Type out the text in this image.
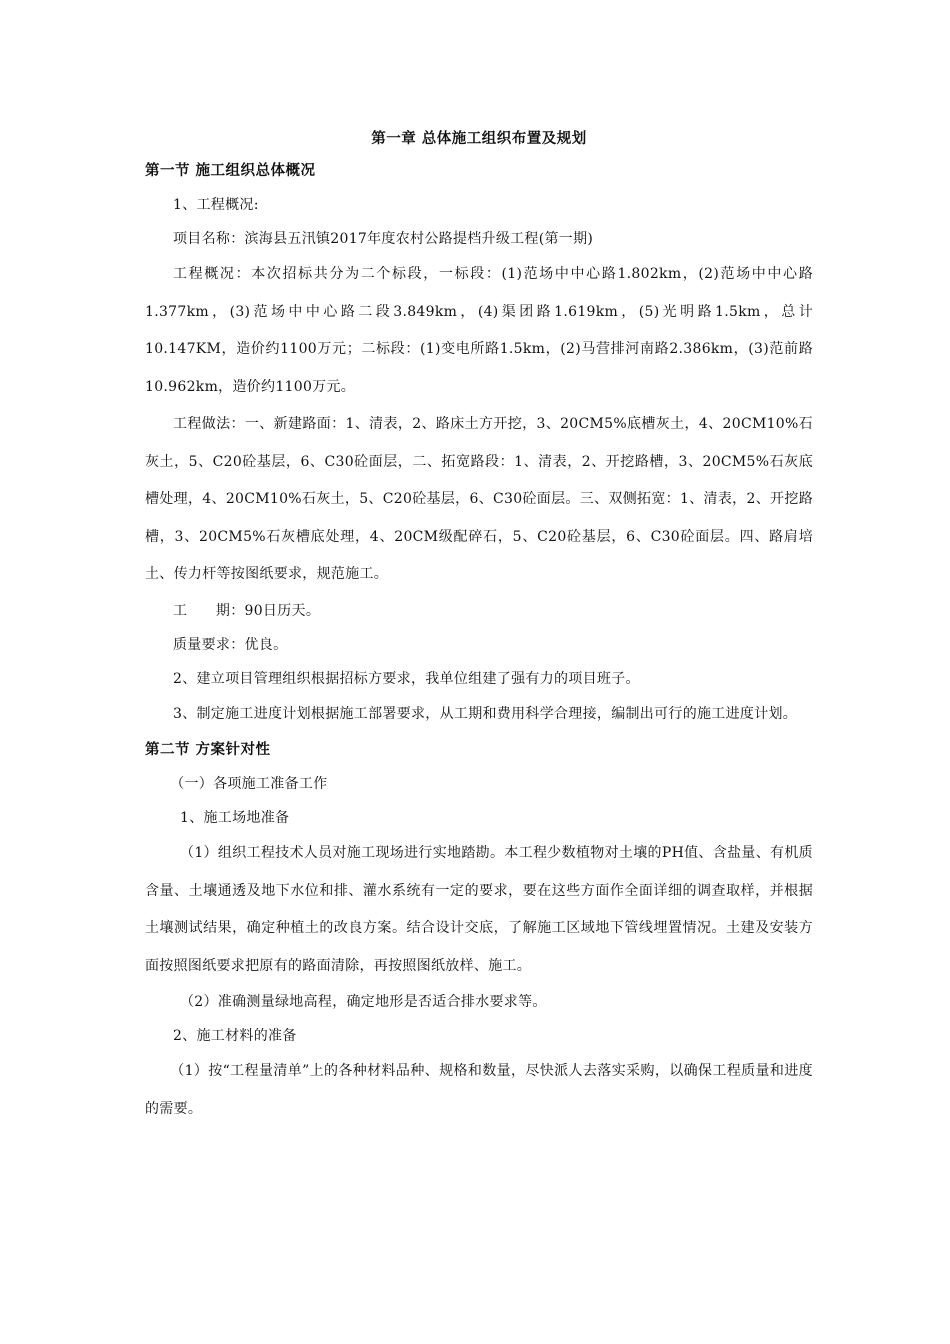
第一章 总体施工组织布置及规划
第一节 施工组织总体概况

1、工程概况:

项目名称：滨海县五汛镇2017年度农村公路提档升级工程(第一期)

工程概况：本次招标共分为二个标段，一标段：(1)范场中中心路1.802km，(2)范场中中心路1.377km，(3)范场中中心路二段3.849km，(4)渠团路1.619km，(5)光明路1.5km，总计10.147KM，造价约1100万元；二标段：(1)变电所路1.5km，(2)马营排河南路2.386km，(3)范前路10.962km，造价约1100万元。

工程做法：一、新建路面：1、清表，2、路床土方开挖，3、20CM5%底槽灰土，4、20CM10%石灰土，5、C20砼基层，6、C30砼面层，二、拓宽路段：1、清表，2、开挖路槽，3、20CM5%石灰底槽处理，4、20CM10%石灰土，5、C20砼基层，6、C30砼面层。三、双侧拓宽：1、清表，2、开挖路槽，3、20CM5%石灰槽底处理，4、20CM级配碎石，5、C20砼基层，6、C30砼面层。四、路肩培土、传力杆等按图纸要求，规范施工。

工　　期：90日历天。

质量要求：优良。

2、建立项目管理组织根据招标方要求，我单位组建了强有力的项目班子。

3、制定施工进度计划根据施工部署要求，从工期和费用科学合理接，编制出可行的施工进度计划。

第二节 方案针对性

（一）各项施工准备工作

1、施工场地准备

（1）组织工程技术人员对施工现场进行实地踏勘。本工程少数植物对土壤的PH值、含盐量、有机质含量、土壤通透及地下水位和排、灌水系统有一定的要求，要在这些方面作全面详细的调查取样，并根据土壤测试结果，确定种植土的改良方案。结合设计交底，了解施工区域地下管线埋置情况。土建及安装方面按照图纸要求把原有的路面清除，再按照图纸放样、施工。

（2）准确测量绿地高程，确定地形是否适合排水要求等。

2、施工材料的准备

（1）按“工程量清单”上的各种材料品种、规格和数量，尽快派人去落实采购，以确保工程质量和进度的需要。
